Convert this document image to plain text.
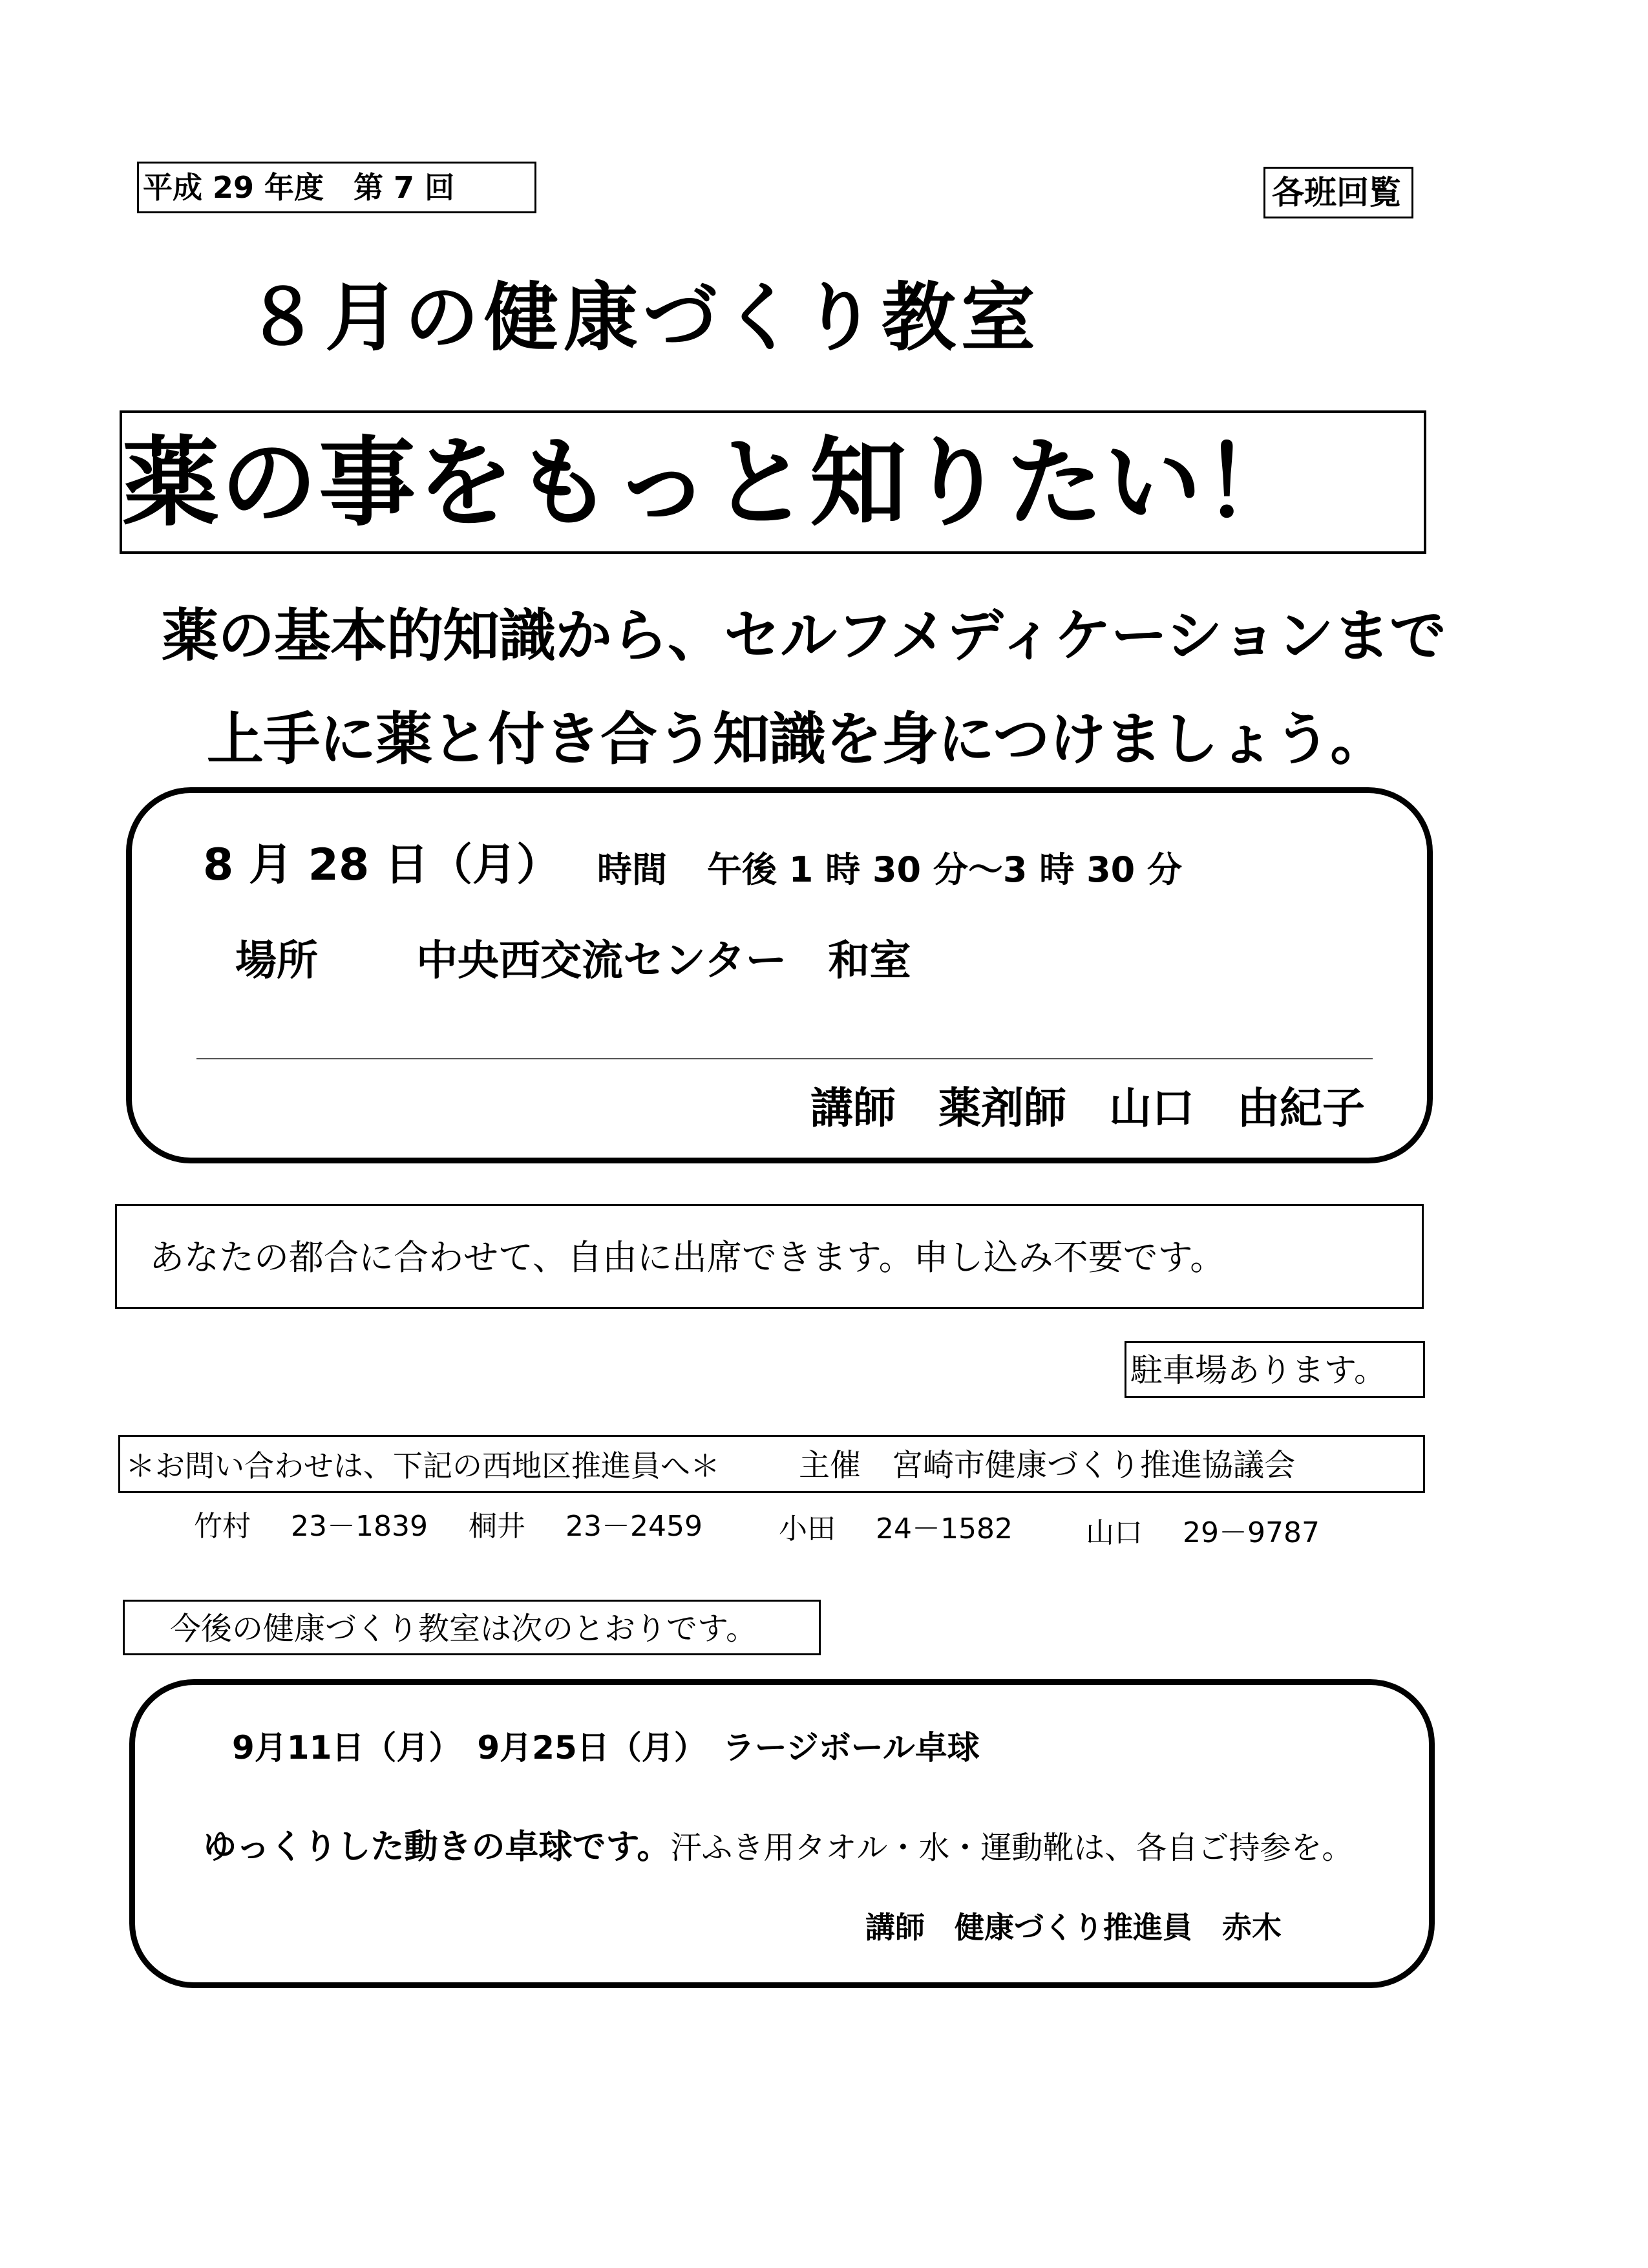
平成 29 年度　第 7 回	各班回覧
８月の健康づくり教室
薬の事をもっと知りたい！
薬の基本的知識から、セルフメディケーションまで
上手に薬と付き合う知識を身につけましょう。
8 月 28 日（月） 時間 午後 1 時 30 分～3 時 30 分
場所 中央西交流センター　和室
講師　薬剤師　山口　由紀子
あなたの都合に合わせて、自由に出席できます。申し込み不要です。
駐車場あります。
＊お問い合わせは、下記の西地区推進員へ＊	主催　宮崎市健康づくり推進協議会
竹村 23－1839 桐井 23－2459	小田 24－1582	山口 29－9787
今後の健康づくり教室は次のとおりです。
9月11日（月）　9月25日（月）　ラージボール卓球
ゆっくりした動きの卓球です。汗ふき用タオル・水・運動靴は、各自ご持参を。
講師　健康づくり推進員　赤木
